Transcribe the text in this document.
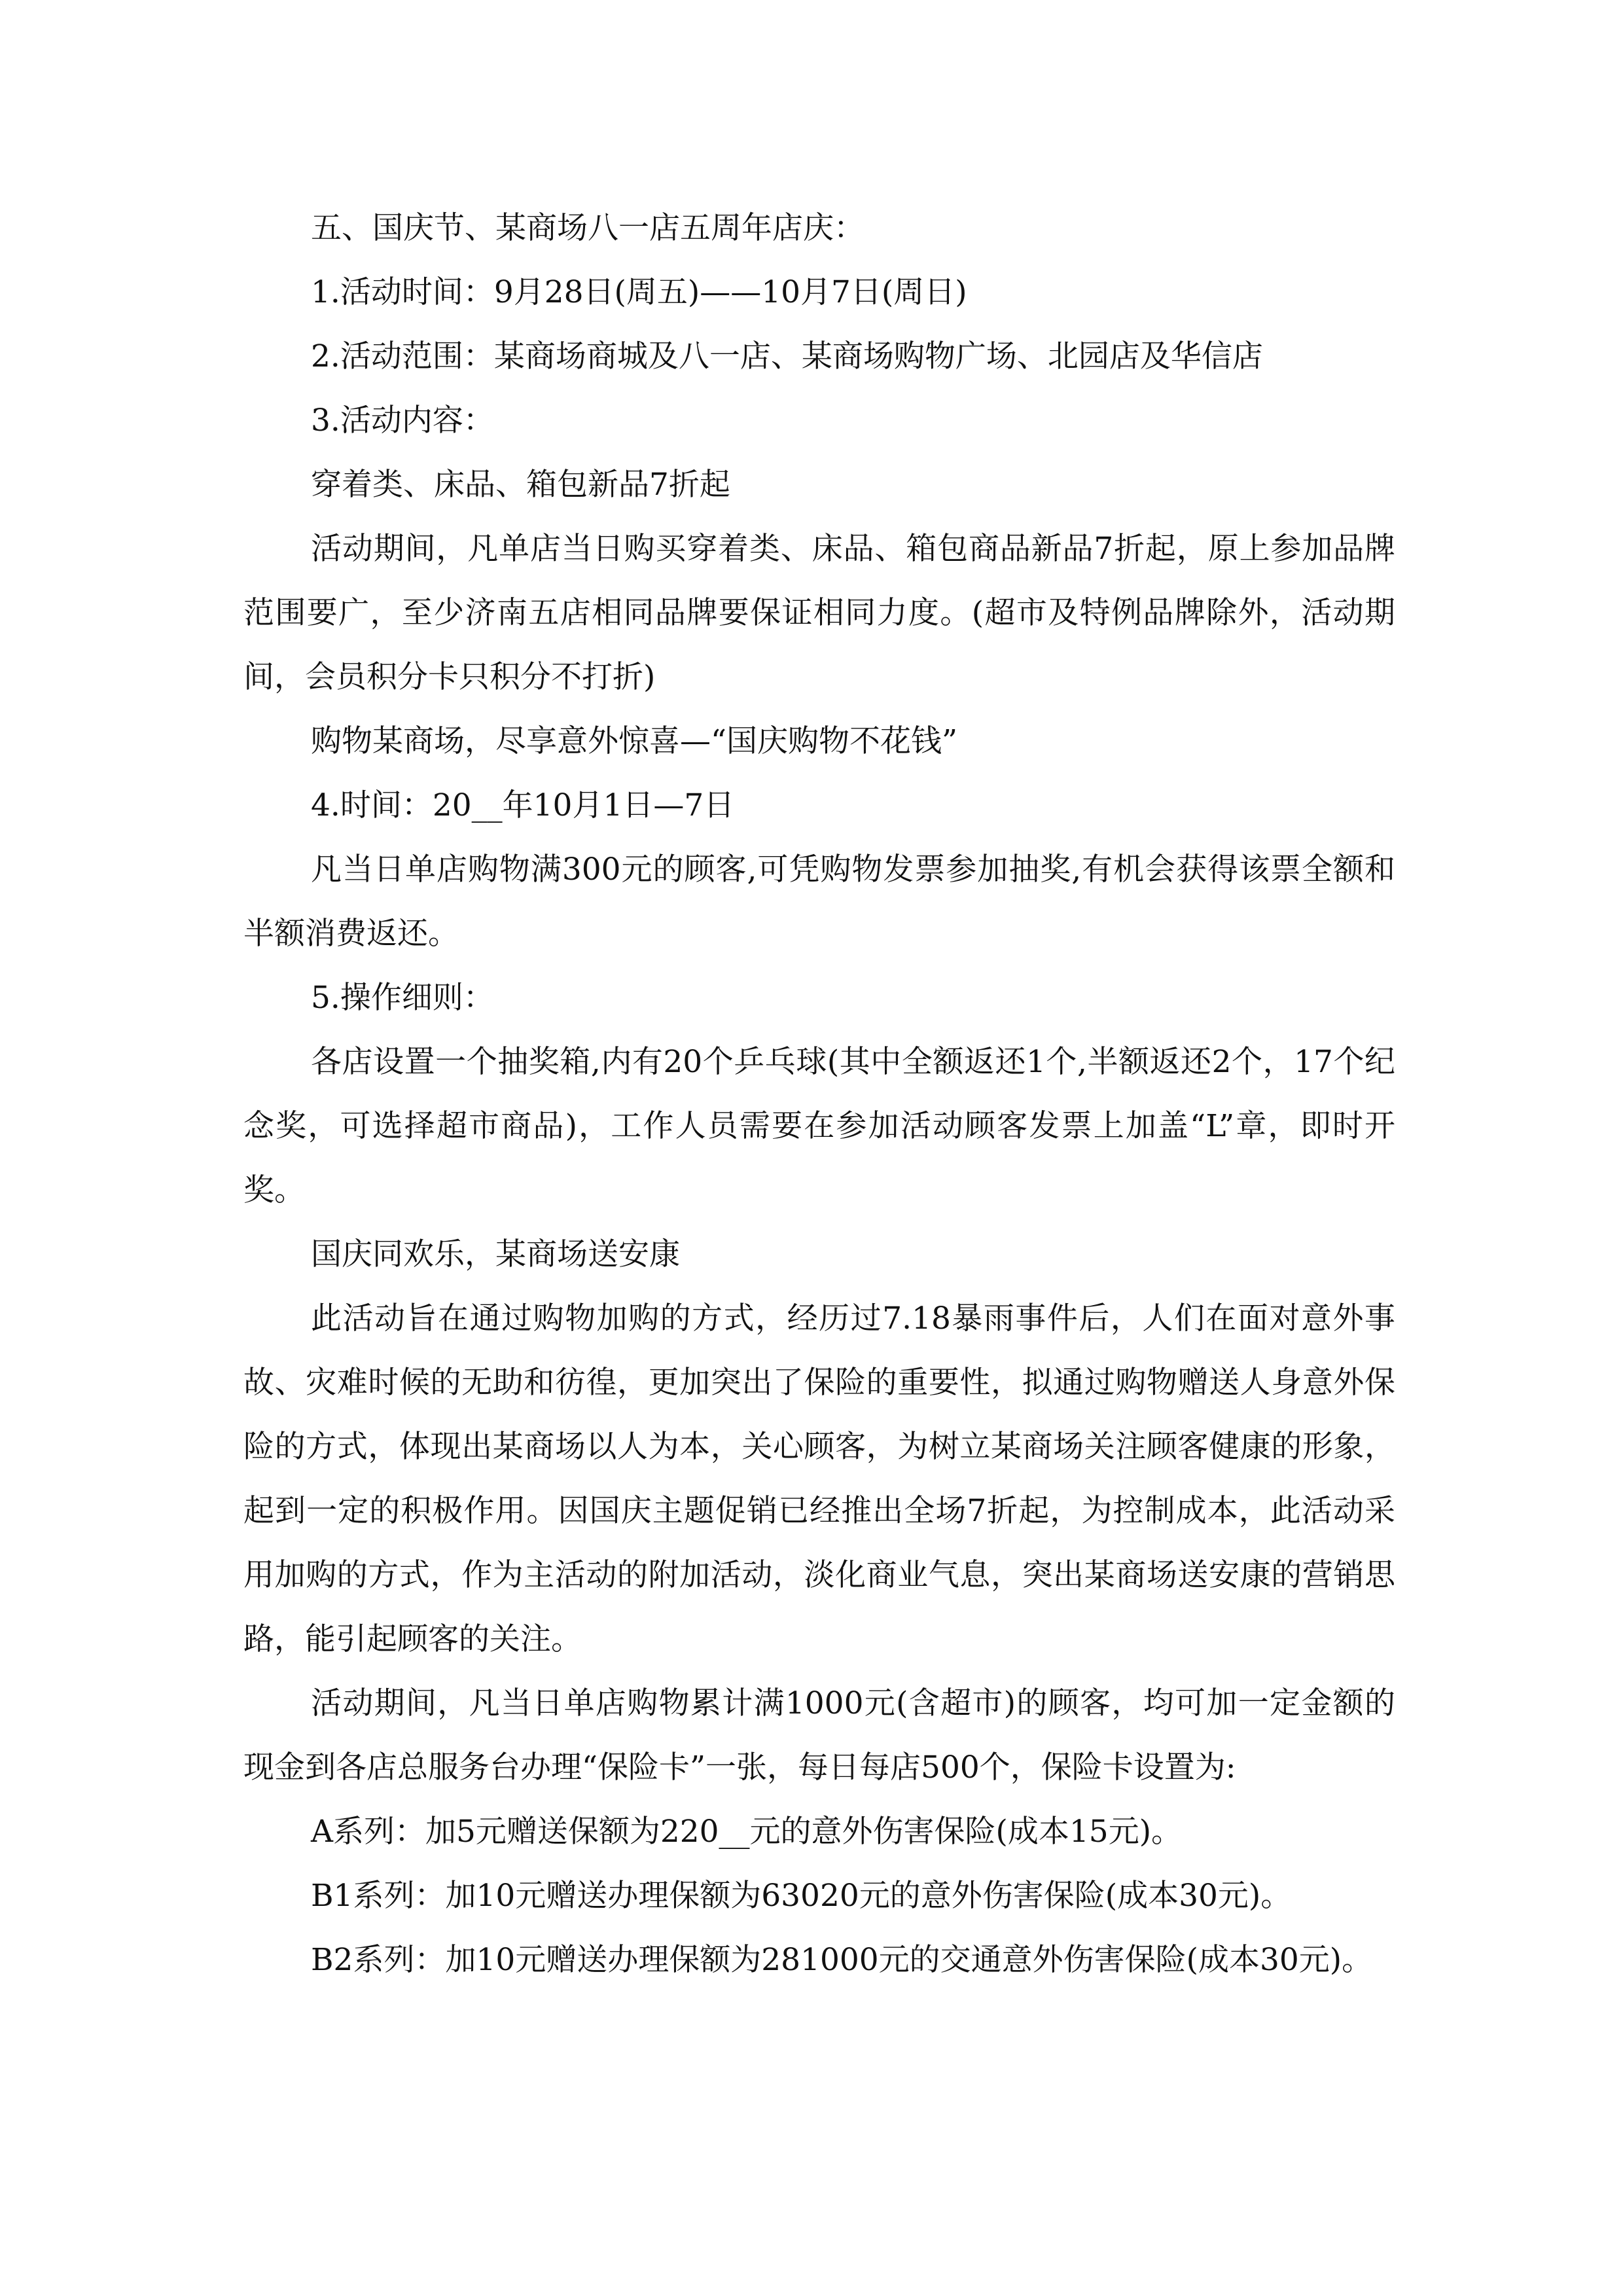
五、国庆节、某商场八一店五周年店庆：

1.活动时间：9月28日(周五)——10月7日(周日)

2.活动范围：某商场商城及八一店、某商场购物广场、北园店及华信店

3.活动内容：

穿着类、床品、箱包新品7折起

活动期间，凡单店当日购买穿着类、床品、箱包商品新品7折起，原上参加品牌范围要广，至少济南五店相同品牌要保证相同力度。(超市及特例品牌除外，活动期间，会员积分卡只积分不打折)

购物某商场，尽享意外惊喜—“国庆购物不花钱”

4.时间：20__年10月1日—7日

凡当日单店购物满300元的顾客,可凭购物发票参加抽奖,有机会获得该票全额和半额消费返还。

5.操作细则：

各店设置一个抽奖箱,内有20个乒乓球(其中全额返还1个,半额返还2个，17个纪念奖，可选择超市商品)，工作人员需要在参加活动顾客发票上加盖“L”章，即时开奖。

国庆同欢乐，某商场送安康

此活动旨在通过购物加购的方式，经历过7.18暴雨事件后，人们在面对意外事故、灾难时候的无助和彷徨，更加突出了保险的重要性，拟通过购物赠送人身意外保险的方式，体现出某商场以人为本，关心顾客，为树立某商场关注顾客健康的形象，起到一定的积极作用。因国庆主题促销已经推出全场7折起，为控制成本，此活动采用加购的方式，作为主活动的附加活动，淡化商业气息，突出某商场送安康的营销思路，能引起顾客的关注。

活动期间，凡当日单店购物累计满1000元(含超市)的顾客，均可加一定金额的现金到各店总服务台办理“保险卡”一张，每日每店500个，保险卡设置为:

A系列：加5元赠送保额为220__元的意外伤害保险(成本15元)。

B1系列：加10元赠送办理保额为63020元的意外伤害保险(成本30元)。

B2系列：加10元赠送办理保额为281000元的交通意外伤害保险(成本30元)。
